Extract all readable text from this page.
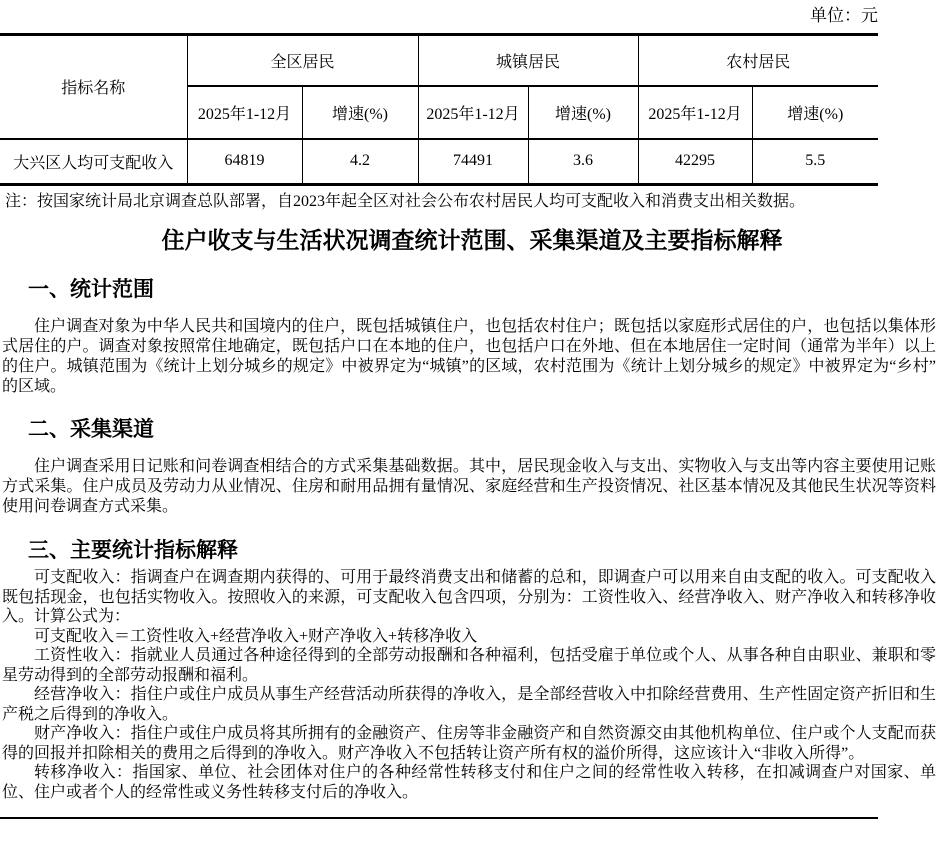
单位：元
指标名称	全区居民		城镇居民		农村居民	
	2025年1-12月	增速(%)	2025年1-12月	增速(%)	2025年1-12月	增速(%)
大兴区人均可支配收入	64819	4.2	74491	3.6	42295	5.5
注：按国家统计局北京调查总队部署，自2023年起全区对社会公布农村居民人均可支配收入和消费支出相关数据。
住户收支与生活状况调查统计范围、采集渠道及主要指标解释
一、统计范围

住户调查对象为中华人民共和国境内的住户，既包括城镇住户，也包括农村住户；既包括以家庭形式居住的户，也包括以集体形式居住的户。调查对象按照常住地确定，既包括户口在本地的住户，也包括户口在外地、但在本地居住一定时间（通常为半年）以上的住户。城镇范围为《统计上划分城乡的规定》中被界定为“城镇”的区域，农村范围为《统计上划分城乡的规定》中被界定为“乡村”的区域。

二、采集渠道

住户调查采用日记账和问卷调查相结合的方式采集基础数据。其中，居民现金收入与支出、实物收入与支出等内容主要使用记账方式采集。住户成员及劳动力从业情况、住房和耐用品拥有量情况、家庭经营和生产投资情况、社区基本情况及其他民生状况等资料使用问卷调查方式采集。

三、主要统计指标解释

可支配收入：指调查户在调查期内获得的、可用于最终消费支出和储蓄的总和，即调查户可以用来自由支配的收入。可支配收入既包括现金，也包括实物收入。按照收入的来源，可支配收入包含四项，分别为：工资性收入、经营净收入、财产净收入和转移净收入。计算公式为：

可支配收入＝工资性收入+经营净收入+财产净收入+转移净收入

工资性收入：指就业人员通过各种途径得到的全部劳动报酬和各种福利，包括受雇于单位或个人、从事各种自由职业、兼职和零星劳动得到的全部劳动报酬和福利。

经营净收入：指住户或住户成员从事生产经营活动所获得的净收入，是全部经营收入中扣除经营费用、生产性固定资产折旧和生产税之后得到的净收入。

财产净收入：指住户或住户成员将其所拥有的金融资产、住房等非金融资产和自然资源交由其他机构单位、住户或个人支配而获得的回报并扣除相关的费用之后得到的净收入。财产净收入不包括转让资产所有权的溢价所得，这应该计入“非收入所得”。

转移净收入：指国家、单位、社会团体对住户的各种经常性转移支付和住户之间的经常性收入转移，在扣减调查户对国家、单位、住户或者个人的经常性或义务性转移支付后的净收入。
